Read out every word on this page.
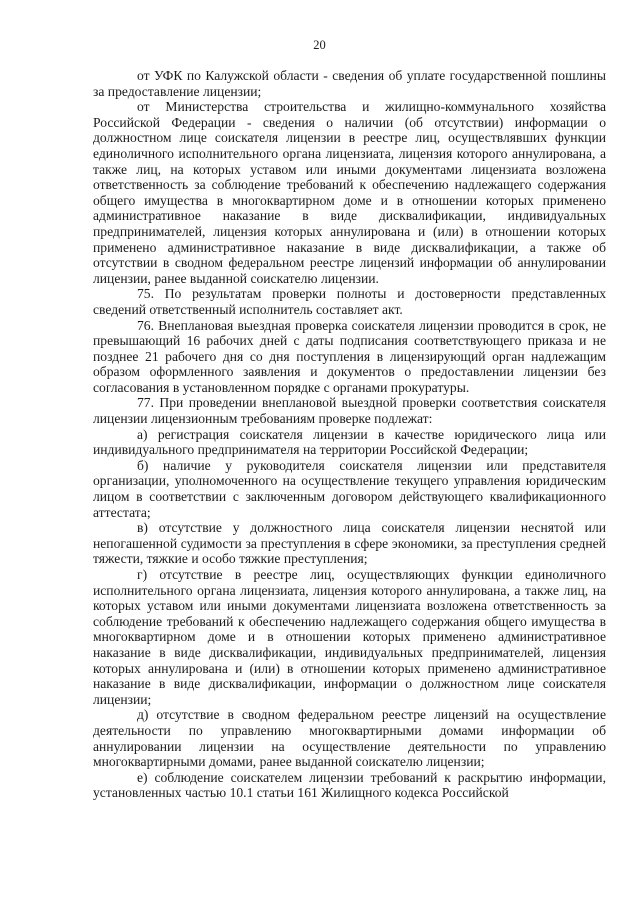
20

от УФК по Калужской области - сведения об уплате государственной пошлины за предоставление лицензии;

от Министерства строительства и жилищно-коммунального хозяйства Российской Федерации - сведения о наличии (об отсутствии) информации о должностном лице соискателя лицензии в реестре лиц, осуществлявших функции единоличного исполнительного органа лицензиата, лицензия которого аннулирована, а также лиц, на которых уставом или иными документами лицензиата возложена ответственность за соблюдение требований к обеспечению надлежащего содержания общего имущества в многоквартирном доме и в отношении которых применено административное наказание в виде дисквалификации, индивидуальных предпринимателей, лицензия которых аннулирована и (или) в отношении которых применено административное наказание в виде дисквалификации, а также об отсутствии в сводном федеральном реестре лицензий информации об аннулировании лицензии, ранее выданной соискателю лицензии.

75. По результатам проверки полноты и достоверности представленных сведений ответственный исполнитель составляет акт.

76. Внеплановая выездная проверка соискателя лицензии проводится в срок, не превышающий 16 рабочих дней с даты подписания соответствующего приказа и не позднее 21 рабочего дня со дня поступления в лицензирующий орган надлежащим образом оформленного заявления и документов о предоставлении лицензии без согласования в установленном порядке с органами прокуратуры.

77. При проведении внеплановой выездной проверки соответствия соискателя лицензии лицензионным требованиям проверке подлежат:

а) регистрация соискателя лицензии в качестве юридического лица или индивидуального предпринимателя на территории Российской Федерации;

б) наличие у руководителя соискателя лицензии или представителя организации, уполномоченного на осуществление текущего управления юридическим лицом в соответствии с заключенным договором действующего квалификационного аттестата;

в) отсутствие у должностного лица соискателя лицензии неснятой или непогашенной судимости за преступления в сфере экономики, за преступления средней тяжести, тяжкие и особо тяжкие преступления;

г) отсутствие в реестре лиц, осуществляющих функции единоличного исполнительного органа лицензиата, лицензия которого аннулирована, а также лиц, на которых уставом или иными документами лицензиата возложена ответственность за соблюдение требований к обеспечению надлежащего содержания общего имущества в многоквартирном доме и в отношении которых применено административное наказание в виде дисквалификации, индивидуальных предпринимателей, лицензия которых аннулирована и (или) в отношении которых применено административное наказание в виде дисквалификации, информации о должностном лице соискателя лицензии;

д) отсутствие в сводном федеральном реестре лицензий на осуществление деятельности по управлению многоквартирными домами информации об аннулировании лицензии на осуществление деятельности по управлению многоквартирными домами, ранее выданной соискателю лицензии;

е) соблюдение соискателем лицензии требований к раскрытию информации, установленных частью 10.1 статьи 161 Жилищного кодекса Российской
